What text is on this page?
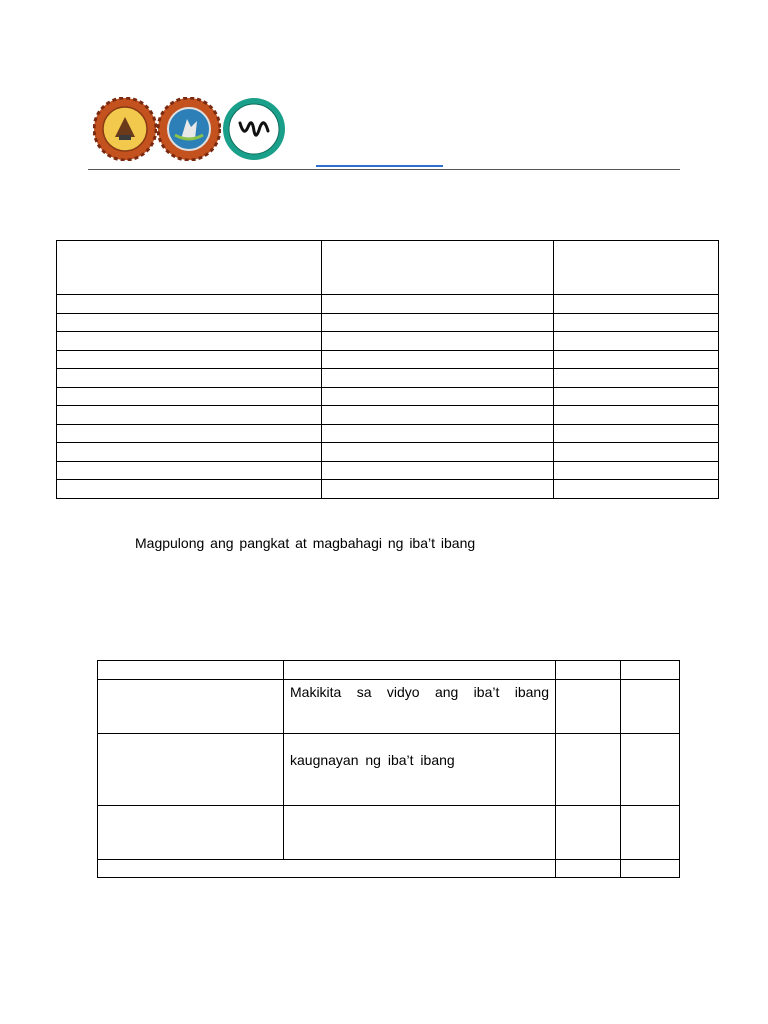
Magpulong ang pangkat at magbahagi ng iba’t ibang

	Makikita sa vidyo ang iba’t ibang		

	kaugnayan ng iba’t ibang		
